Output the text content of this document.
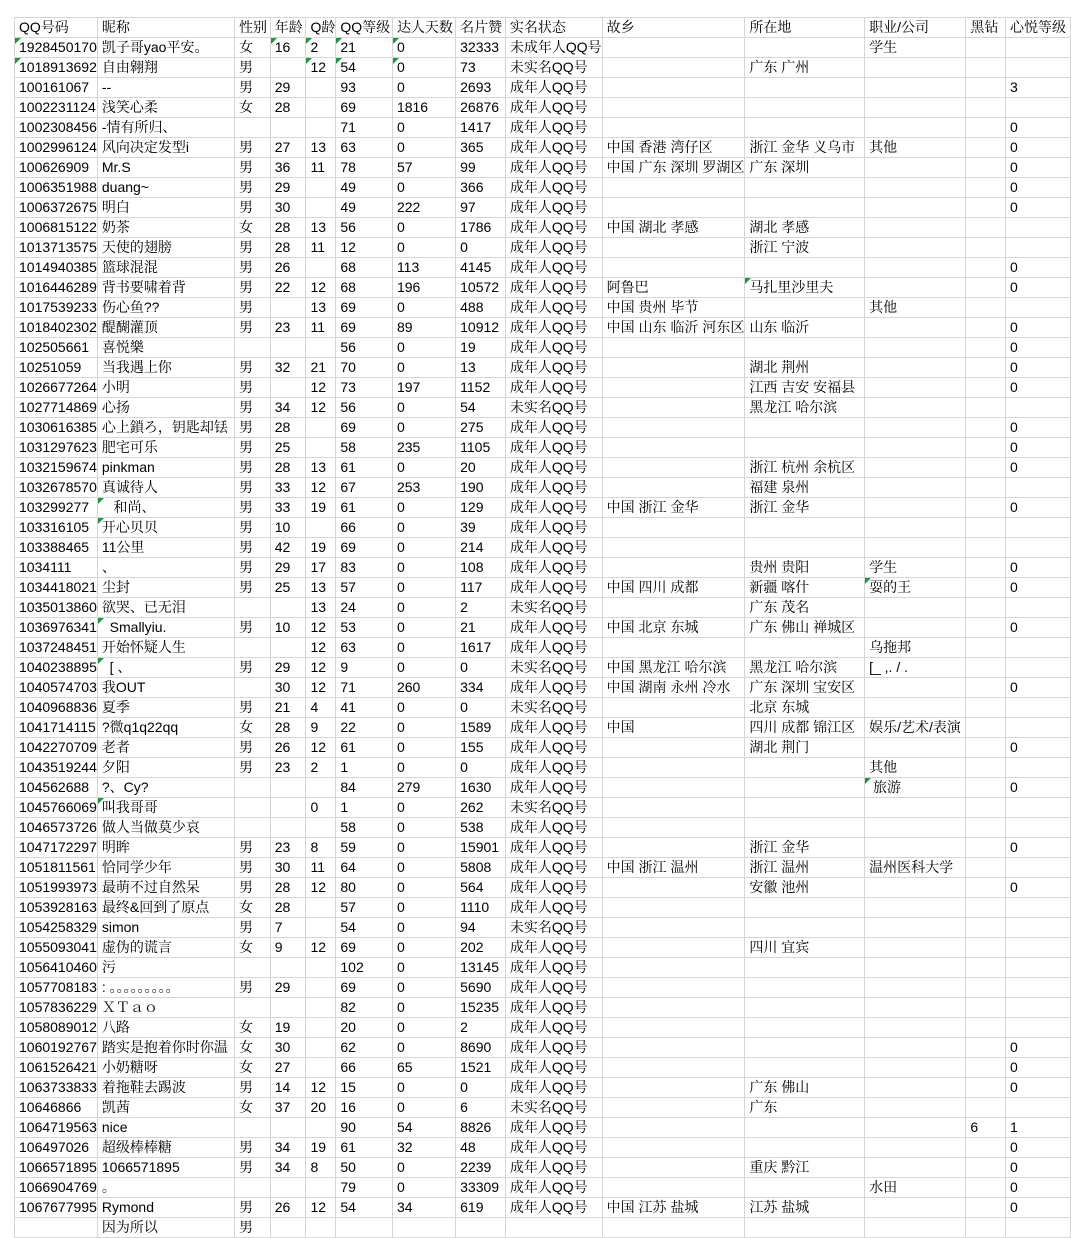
QQ号码	昵称	性别	年龄	Q龄	QQ等级	达人天数	名片赞	实名状态	故乡	所在地	职业/公司	黑钻	心悦等级

1928450170	凯子哥yao平安。	女	16	2	21	0	32333	未成年人QQ号			学生		

1018913692	自由翱翔	男		12	54	0	73	未实名QQ号		广东 广州			
100161067	--	男	29		93	0	2693	成年人QQ号					3
1002231124	浅笑心柔	女	28		69	1816	26876	成年人QQ号					
1002308456	-情有所归、				71	0	1417	成年人QQ号					0
1002996124	风向决定发型i	男	27	13	63	0	365	成年人QQ号	中国 香港 湾仔区	浙江 金华 义乌市	其他		0
100626909	Mr.S	男	36	11	78	57	99	成年人QQ号	中国 广东 深圳 罗湖区	广东 深圳			0
1006351988	duang~	男	29		49	0	366	成年人QQ号					0
1006372675	明白	男	30		49	222	97	成年人QQ号					0
1006815122	奶茶	女	28	13	56	0	1786	成年人QQ号	中国 湖北 孝感	湖北 孝感			
1013713575	天使的翅膀	男	28	11	12	0	0	成年人QQ号		浙江 宁波			
1014940385	篮球混混	男	26		68	113	4145	成年人QQ号					0
1016446289	背书要啸着背	男	22	12	68	196	10572	成年人QQ号	阿鲁巴	马扎里沙里夫			0
1017539233	伤心鱼??	男		13	69	0	488	成年人QQ号	中国 贵州 毕节		其他		
1018402302	醍醐灌顶	男	23	11	69	89	10912	成年人QQ号	中国 山东 临沂 河东区	山东 临沂			0
102505661	喜悦樂				56	0	19	成年人QQ号					0
10251059	当我遇上你	男	32	21	70	0	13	成年人QQ号		湖北 荆州			0
1026677264	小明	男		12	73	197	1152	成年人QQ号		江西 吉安 安福县			0
1027714869	心扬	男	34	12	56	0	54	未实名QQ号		黑龙江 哈尔滨			
1030616385	心上鎖ろ，钥匙却铥	男	28		69	0	275	成年人QQ号					0
1031297623	肥宅可乐	男	25		58	235	1105	成年人QQ号					0
1032159674	pinkman	男	28	13	61	0	20	成年人QQ号		浙江 杭州 余杭区			0
1032678570	真诚待人	男	33	12	67	253	190	成年人QQ号		福建 泉州			
103299277	和尚、	男	33	19	61	0	129	成年人QQ号	中国 浙江 金华	浙江 金华			0
103316105	开心贝贝	男	10		66	0	39	成年人QQ号					
103388465	11公里	男	42	19	69	0	214	成年人QQ号					
1034111	、	男	29	17	83	0	108	成年人QQ号		贵州 贵阳	学生		0
1034418021	尘封	男	25	13	57	0	117	成年人QQ号	中国 四川 成都	新疆 喀什	耍的王		0
1035013860	欲哭、已无泪			13	24	0	2	未实名QQ号		广东 茂名			
1036976341	Smallyiu.	男	10	12	53	0	21	成年人QQ号	中国 北京 东城	广东 佛山 禅城区			0
1037248451	开始怀疑人生			12	63	0	1617	成年人QQ号			乌拖邦		
1040238895	[ 、	男	29	12	9	0	0	未实名QQ号	中国 黑龙江 哈尔滨	黑龙江 哈尔滨	[_ ,. / .		
1040574703	我OUT		30	12	71	260	334	成年人QQ号	中国 湖南 永州 冷水	广东 深圳 宝安区			0
1040968836	夏季	男	21	4	41	0	0	未实名QQ号		北京 东城			
1041714115	?微q1q22qq	女	28	9	22	0	1589	成年人QQ号	中国	四川 成都 锦江区	娱乐/艺术/表演		
1042270709	老者	男	26	12	61	0	155	成年人QQ号		湖北 荆门			0
1043519244	夕阳	男	23	2	1	0	0	成年人QQ号			其他		
104562688	?、Cy?				84	279	1630	成年人QQ号			旅游		0
1045766069	叫我哥哥			0	1	0	262	未实名QQ号					
1046573726	做人当做莫少哀				58	0	538	成年人QQ号					
1047172297	明眸	男	23	8	59	0	15901	成年人QQ号		浙江 金华			0
1051811561	恰同学少年	男	30	11	64	0	5808	成年人QQ号	中国 浙江 温州	浙江 温州	温州医科大学		
1051993973	最萌不过自然呆	男	28	12	80	0	564	成年人QQ号		安徽 池州			0
1053928163	最终&回到了原点	女	28		57	0	1110	成年人QQ号					
1054258329	simon	男	7		54	0	94	未实名QQ号					
1055093041	虚伪的谎言	女	9	12	69	0	202	成年人QQ号		四川 宜宾			
1056410460	污				102	0	13145	成年人QQ号					
1057708183	: 。。。。。。。。。	男	29		69	0	5690	成年人QQ号					
1057836229	ＸＴａｏ				82	0	15235	成年人QQ号					
1058089012	八路	女	19		20	0	2	成年人QQ号					
1060192767	踏实是抱着你时你温	女	30		62	0	8690	成年人QQ号					0
1061526421	小奶糖呀	女	27		66	65	1521	成年人QQ号					0
1063733833	着拖鞋去踢波	男	14	12	15	0	0	成年人QQ号		广东 佛山			0
10646866	凯茜	女	37	20	16	0	6	未实名QQ号		广东			
1064719563	nice				90	54	8826	成年人QQ号				6	1
106497026	超级棒棒糖	男	34	19	61	32	48	成年人QQ号					0
1066571895	1066571895	男	34	8	50	0	2239	成年人QQ号		重庆 黔江			0
1066904769	。				79	0	33309	成年人QQ号			水田		0
1067677995	Rymond	男	26	12	54	34	619	成年人QQ号	中国 江苏 盐城	江苏 盐城			0
	因为所以	男											
